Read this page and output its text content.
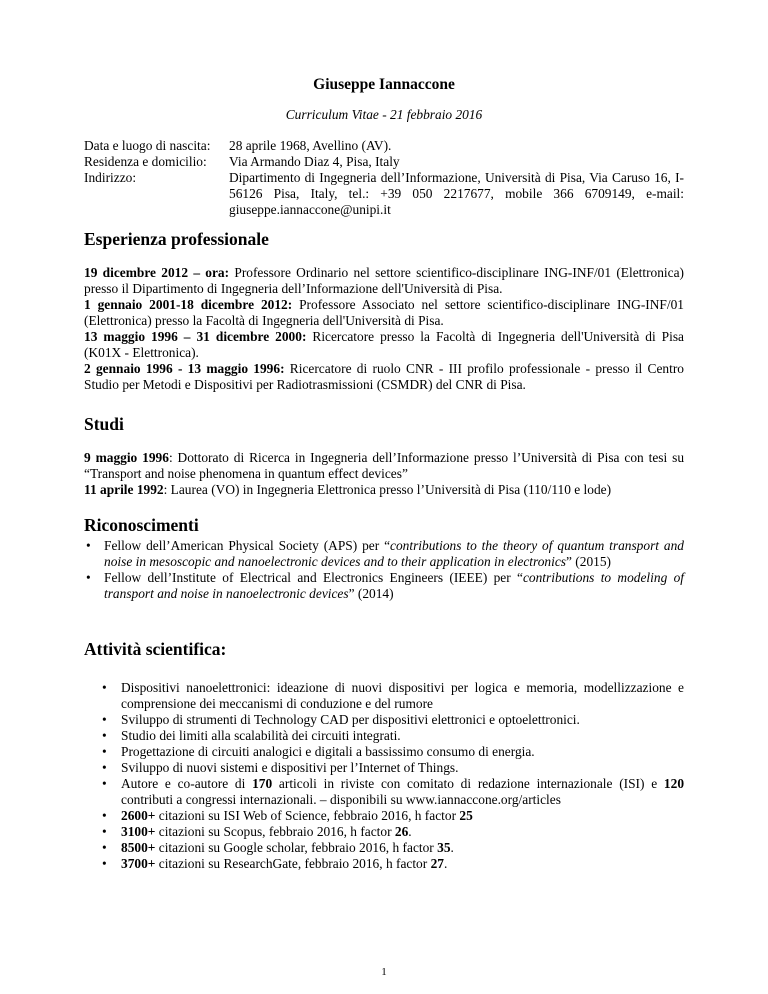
Giuseppe Iannaccone
Curriculum Vitae - 21 febbraio 2016
Data e luogo di nascita:	28 aprile 1968, Avellino (AV).
Residenza e domicilio:	Via Armando Diaz 4, Pisa, Italy
Indirizzo:	Dipartimento di Ingegneria dell’Informazione, Università di Pisa, Via Caruso 16, I-56126 Pisa, Italy, tel.: +39 050 2217677, mobile 366 6709149, e-mail: giuseppe.iannaccone@unipi.it
Esperienza professionale

19 dicembre 2012 – ora: Professore Ordinario nel settore scientifico-disciplinare ING-INF/01 (Elettronica) presso il Dipartimento di Ingegneria dell’Informazione dell'Università di Pisa.

1 gennaio 2001-18 dicembre 2012: Professore Associato nel settore scientifico-disciplinare ING-INF/01 (Elettronica) presso la Facoltà di Ingegneria dell'Università di Pisa.

13 maggio 1996 – 31 dicembre 2000: Ricercatore presso la Facoltà di Ingegneria dell'Università di Pisa (K01X - Elettronica).

2 gennaio 1996 - 13 maggio 1996: Ricercatore di ruolo CNR - III profilo professionale - presso il Centro Studio per Metodi e Dispositivi per Radiotrasmissioni (CSMDR) del CNR di Pisa.

Studi

9 maggio 1996: Dottorato di Ricerca in Ingegneria dell’Informazione presso l’Università di Pisa con tesi su “Transport and noise phenomena in quantum effect devices”

11 aprile 1992: Laurea (VO) in Ingegneria Elettronica presso l’Università di Pisa (110/110 e lode)

Riconoscimenti
• Fellow dell’American Physical Society (APS) per “contributions to the theory of quantum transport and noise in mesoscopic and nanoelectronic devices and to their application in electronics” (2015)
• Fellow dell’Institute of Electrical and Electronics Engineers (IEEE) per “contributions to modeling of transport and noise in nanoelectronic devices” (2014)
Attività scientifica:
• Dispositivi nanoelettronici: ideazione di nuovi dispositivi per logica e memoria, modellizzazione e comprensione dei meccanismi di conduzione e del rumore
• Sviluppo di strumenti di Technology CAD per dispositivi elettronici e optoelettronici.
• Studio dei limiti alla scalabilità dei circuiti integrati.
• Progettazione di circuiti analogici e digitali a bassissimo consumo di energia.
• Sviluppo di nuovi sistemi e dispositivi per l’Internet of Things.
• Autore e co-autore di 170 articoli in riviste con comitato di redazione internazionale (ISI) e 120 contributi a congressi internazionali. – disponibili su www.iannaccone.org/articles
• 2600+ citazioni su ISI Web of Science, febbraio 2016, h factor 25
• 3100+ citazioni su Scopus, febbraio 2016, h factor 26.
• 8500+ citazioni su Google scholar, febbraio 2016, h factor 35.
• 3700+ citazioni su ResearchGate, febbraio 2016, h factor 27.
1
